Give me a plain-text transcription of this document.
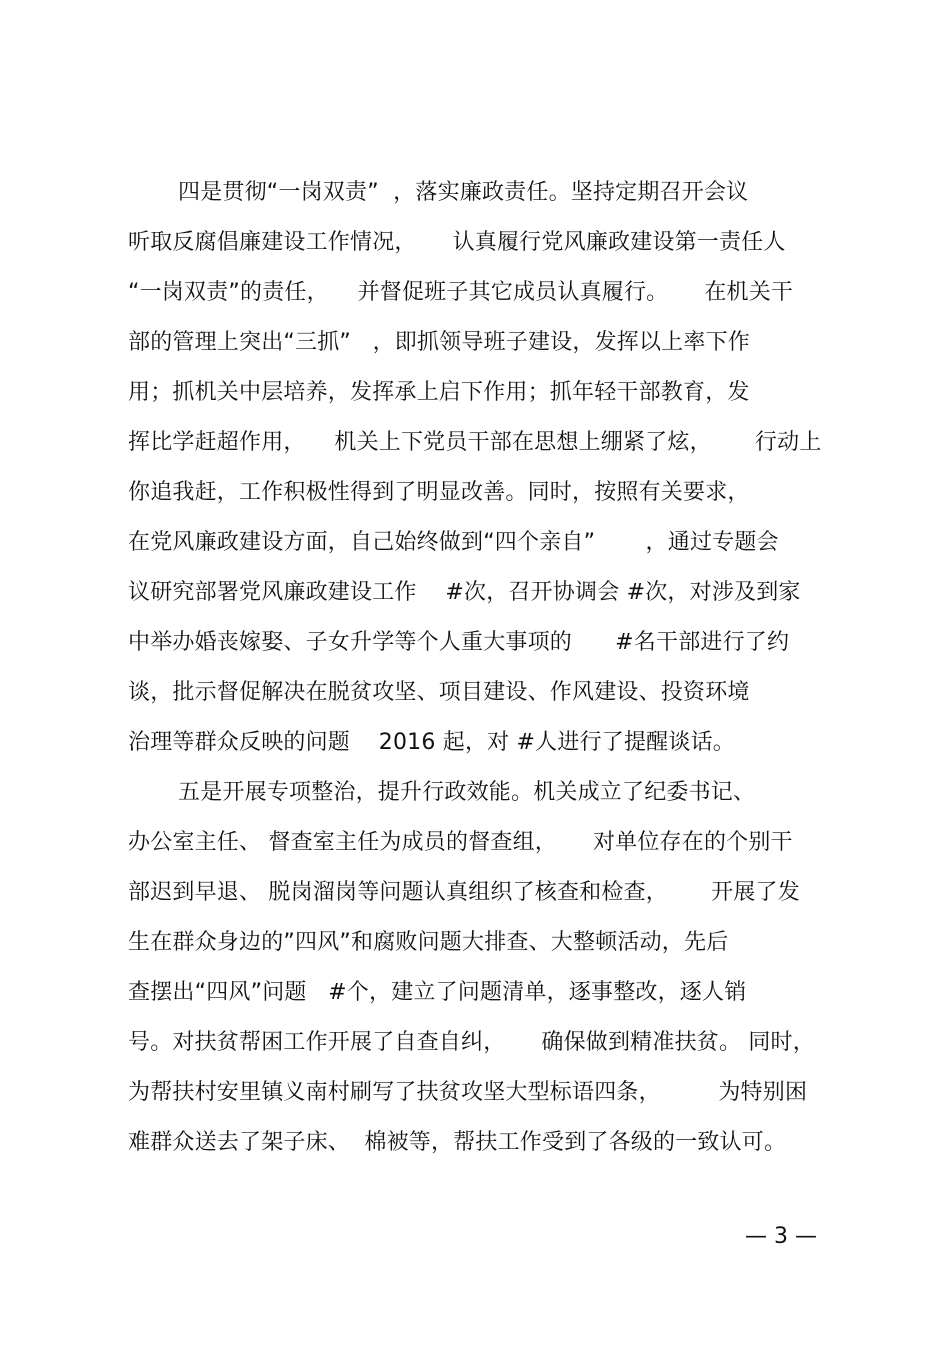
四是贯彻“一岗双责”  ，落实廉政责任。坚持定期召开会议
听取反腐倡廉建设工作情况，     认真履行党风廉政建设第一责任人
“一岗双责”的责任，    并督促班子其它成员认真履行。     在机关干
部的管理上突出“三抓”   ，即抓领导班子建设，发挥以上率下作
用；抓机关中层培养，发挥承上启下作用；抓年轻干部教育，发
挥比学赶超作用，    机关上下党员干部在思想上绷紧了炫，      行动上
你追我赶，工作积极性得到了明显改善。同时，按照有关要求，
在党风廉政建设方面，自己始终做到“四个亲自”       ，通过专题会
议研究部署党风廉政建设工作    #次，召开协调会 #次，对涉及到家
中举办婚丧嫁娶、子女升学等个人重大事项的      #名干部进行了约
谈，批示督促解决在脱贫攻坚、项目建设、作风建设、投资环境
治理等群众反映的问题    2016 起，对 #人进行了提醒谈话。
五是开展专项整治，提升行政效能。机关成立了纪委书记、
办公室主任、 督查室主任为成员的督查组，     对单位存在的个别干
部迟到早退、 脱岗溜岗等问题认真组织了核查和检查，      开展了发
生在群众身边的”四风”和腐败问题大排查、大整顿活动，先后
查摆出“四风”问题   #个，建立了问题清单，逐事整改，逐人销
号。对扶贫帮困工作开展了自查自纠，     确保做到精准扶贫。 同时，
为帮扶村安里镇义南村刷写了扶贫攻坚大型标语四条，        为特别困
难群众送去了架子床、  棉被等，帮扶工作受到了各级的一致认可。
— 3 —
